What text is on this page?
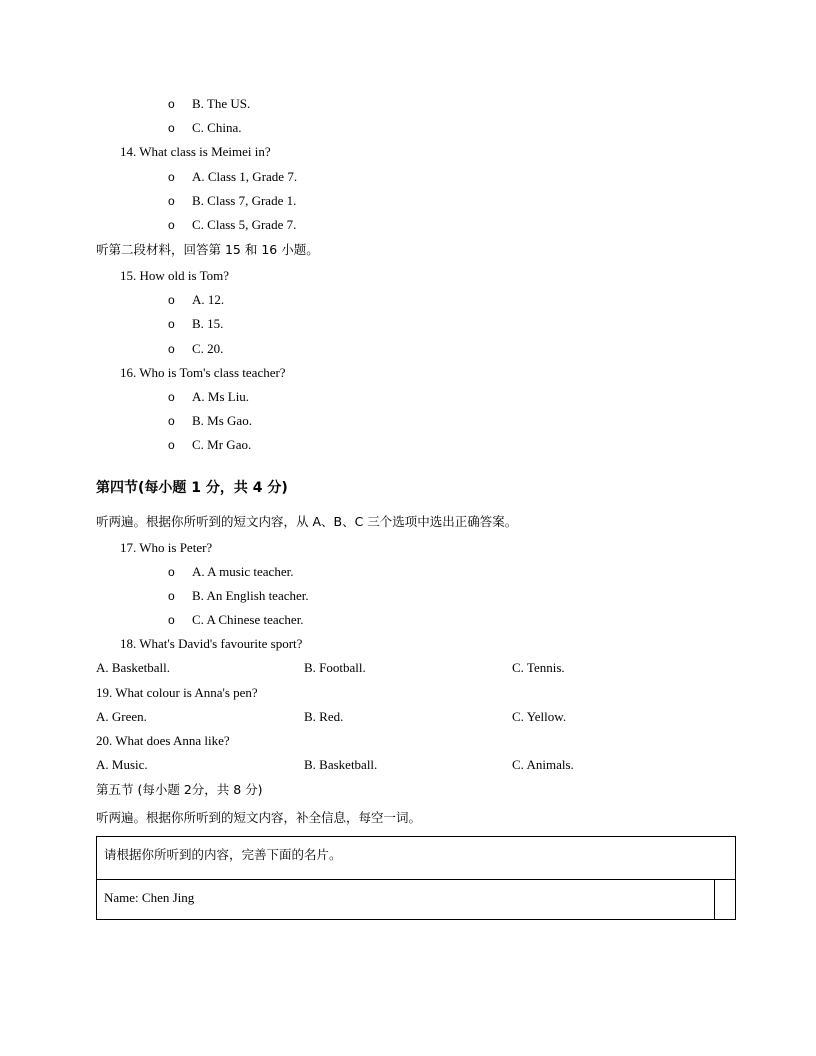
o B. The US.
o C. China.
14. What class is Meimei in?
o A. Class 1, Grade 7.
o B. Class 7, Grade 1.
o C. Class 5, Grade 7.
听第二段材料，回答第 15 和 16 小题。
15. How old is Tom?
o A. 12.
o B. 15.
o C. 20.
16. Who is Tom's class teacher?
o A. Ms Liu.
o B. Ms Gao.
o C. Mr Gao.
第四节(每小题 1 分，共 4 分)
听两遍。根据你所听到的短文内容，从 A、B、C 三个选项中选出正确答案。
17. Who is Peter?
o A. A music teacher.
o B. An English teacher.
o C. A Chinese teacher.
18. What's David's favourite sport?
A. Basketball.	B. Football.	C. Tennis.
19. What colour is Anna's pen?
A. Green.	B. Red.	C. Yellow.
20. What does Anna like?
A. Music.	B. Basketball.	C. Animals.
第五节 (每小题 2分，共 8 分)
听两遍。根据你所听到的短文内容，补全信息，每空一词。
请根据你所听到的内容，完善下面的名片。
Name: Chen Jing
